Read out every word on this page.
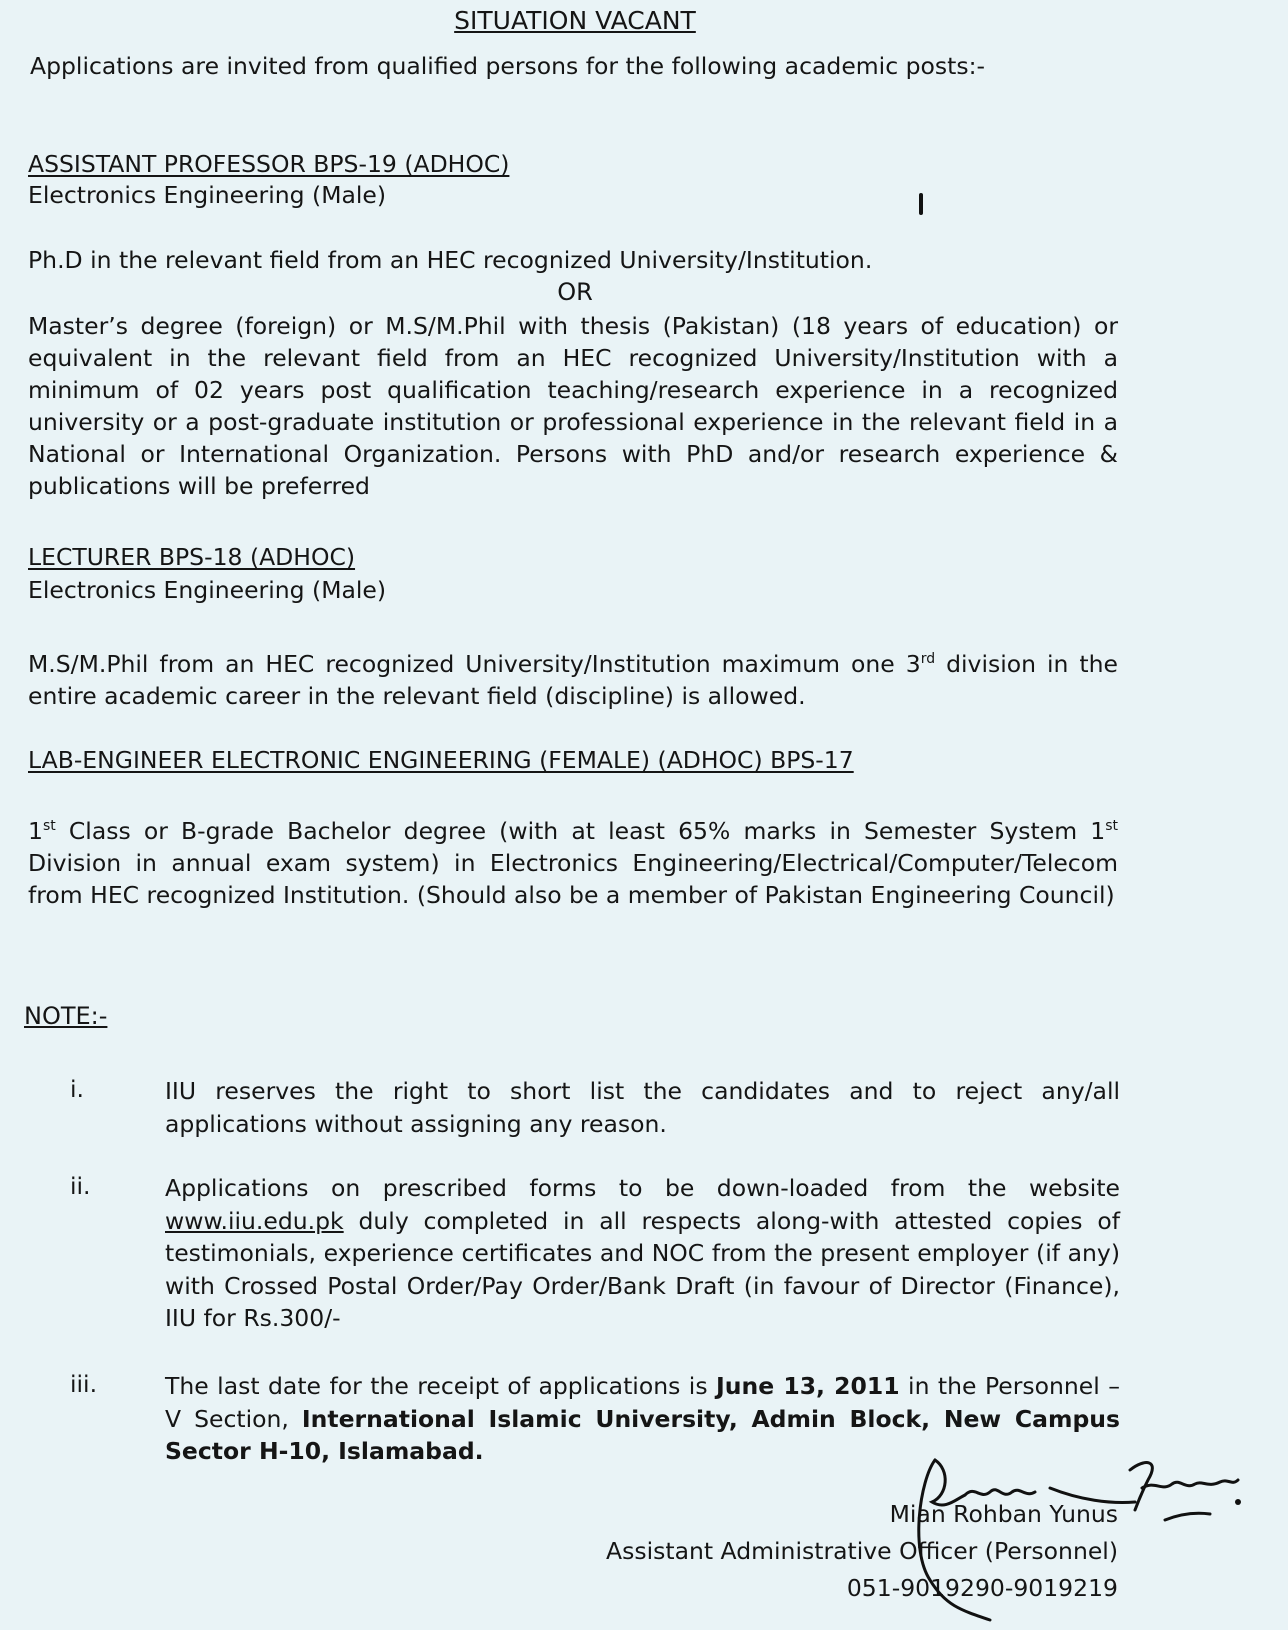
SITUATION VACANT
Applications are invited from qualified persons for the following academic posts:-
ASSISTANT PROFESSOR BPS-19 (ADHOC)
Electronics Engineering (Male)
Ph.D in the relevant field from an HEC recognized University/Institution.
OR
Master’s degree (foreign) or M.S/M.Phil with thesis (Pakistan) (18 years of education) or equivalent in the relevant field from an HEC recognized University/Institution with a minimum of 02 years post qualification teaching/research experience in a recognized university or a post-graduate institution or professional experience in the relevant field in a National or International Organization. Persons with PhD and/or research experience & publications will be preferred
LECTURER BPS-18 (ADHOC)
Electronics Engineering (Male)
M.S/M.Phil from an HEC recognized University/Institution maximum one 3rd division in the entire academic career in the relevant field (discipline) is allowed.
LAB-ENGINEER ELECTRONIC ENGINEERING (FEMALE) (ADHOC) BPS-17
1st Class or B-grade Bachelor degree (with at least 65% marks in Semester System 1st Division in annual exam system) in Electronics Engineering/Electrical/Computer/Telecom from HEC recognized Institution. (Should also be a member of Pakistan Engineering Council)
NOTE:-
i.	IIU reserves the right to short list the candidates and to reject any/all applications without assigning any reason.
ii.	Applications on prescribed forms to be down-loaded from the website www.iiu.edu.pk duly completed in all respects along-with attested copies of testimonials, experience certificates and NOC from the present employer (if any) with Crossed Postal Order/Pay Order/Bank Draft (in favour of Director (Finance), IIU for Rs.300/-
iii.	The last date for the receipt of applications is June 13, 2011 in the Personnel – V Section, International Islamic University, Admin Block, New Campus Sector H-10, Islamabad.
Mian Rohban Yunus
Assistant Administrative Officer (Personnel)
051-9019290-9019219
